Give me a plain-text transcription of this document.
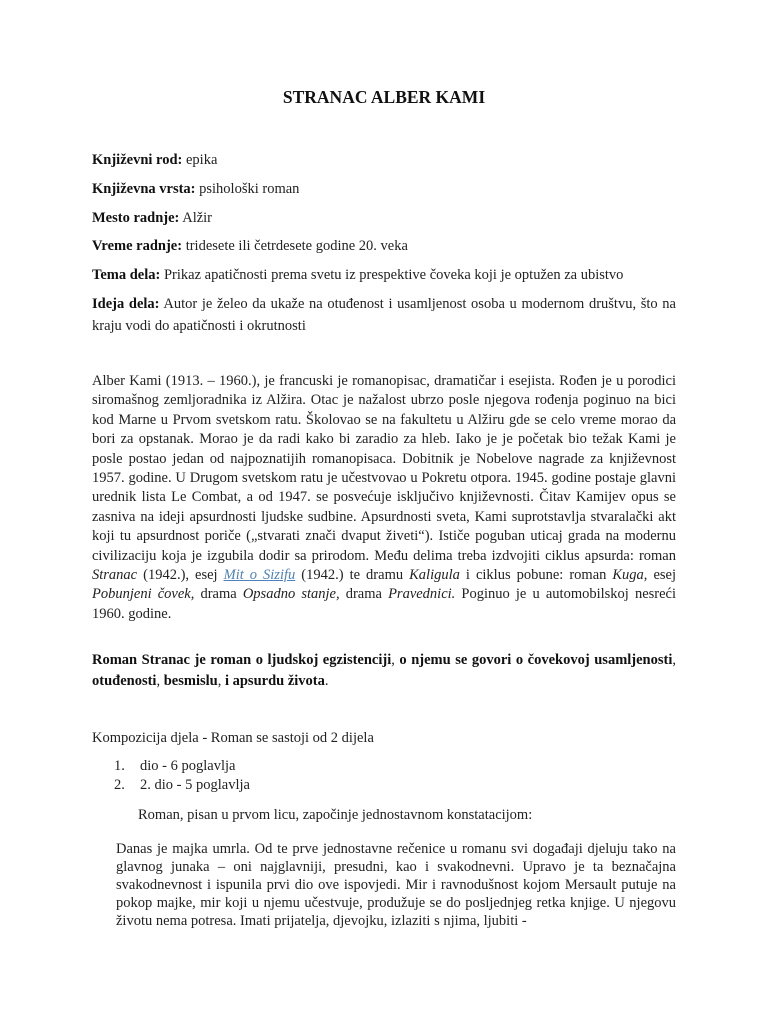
STRANAC ALBER KAMI
Književni rod: epika
Književna vrsta: psihološki roman
Mesto radnje: Alžir
Vreme radnje: tridesete ili četrdesete godine 20. veka
Tema dela: Prikaz apatičnosti prema svetu iz prespektive čoveka koji je optužen za ubistvo
Ideja dela: Autor je želeo da ukaže na otuđenost i usamljenost osoba u modernom društvu, što na kraju vodi do apatičnosti i okrutnosti
Alber Kami (1913. – 1960.), je francuski je romanopisac, dramatičar i esejista. Rođen je u porodici siromašnog zemljoradnika iz Alžira. Otac je nažalost ubrzo posle njegova rođenja poginuo na bici kod Marne u Prvom svetskom ratu. Školovao se na fakultetu u Alžiru gde se celo vreme morao da bori za opstanak. Morao je da radi kako bi zaradio za hleb. Iako je je početak bio težak Kami je posle postao jedan od najpoznatijih romanopisaca. Dobitnik je Nobelove nagrade za književnost 1957. godine. U Drugom svetskom ratu je učestvovao u Pokretu otpora. 1945. godine postaje glavni urednik lista Le Combat, a od 1947. se posvećuje isključivo književnosti. Čitav Kamijev opus se zasniva na ideji apsurdnosti ljudske sudbine. Apsurdnosti sveta, Kami suprotstavlja stvaralački akt koji tu apsurdnost poriče („stvarati znači dvaput živeti“). Ističe poguban uticaj grada na modernu civilizaciju koja je izgubila dodir sa prirodom. Među delima treba izdvojiti ciklus apsurda: roman Stranac (1942.), esej Mit o Sizifu (1942.) te dramu Kaligula i ciklus pobune: roman Kuga, esej Pobunjeni čovek, drama Opsadno stanje, drama Pravednici. Poginuo je u automobilskoj nesreći 1960. godine.
Roman Stranac je roman o ljudskoj egzistenciji, o njemu se govori o čovekovoj usamljenosti, otuđenosti, besmislu, i apsurdu života.
Kompozicija djela - Roman se sastoji od 2 dijela
1. dio - 6 poglavlja
2. 2. dio - 5 poglavlja
Roman, pisan u prvom licu, započinje jednostavnom konstatacijom:
Danas je majka umrla. Od te prve jednostavne rečenice u romanu svi događaji djeluju tako na glavnog junaka – oni najglavniji, presudni, kao i svakodnevni. Upravo je ta beznačajna svakodnevnost i ispunila prvi dio ove ispovjedi. Mir i ravnodušnost kojom Mersault putuje na pokop majke, mir koji u njemu učestvuje, produžuje se do posljednjeg retka knjige. U njegovu životu nema potresa. Imati prijatelja, djevojku, izlaziti s njima, ljubiti -
